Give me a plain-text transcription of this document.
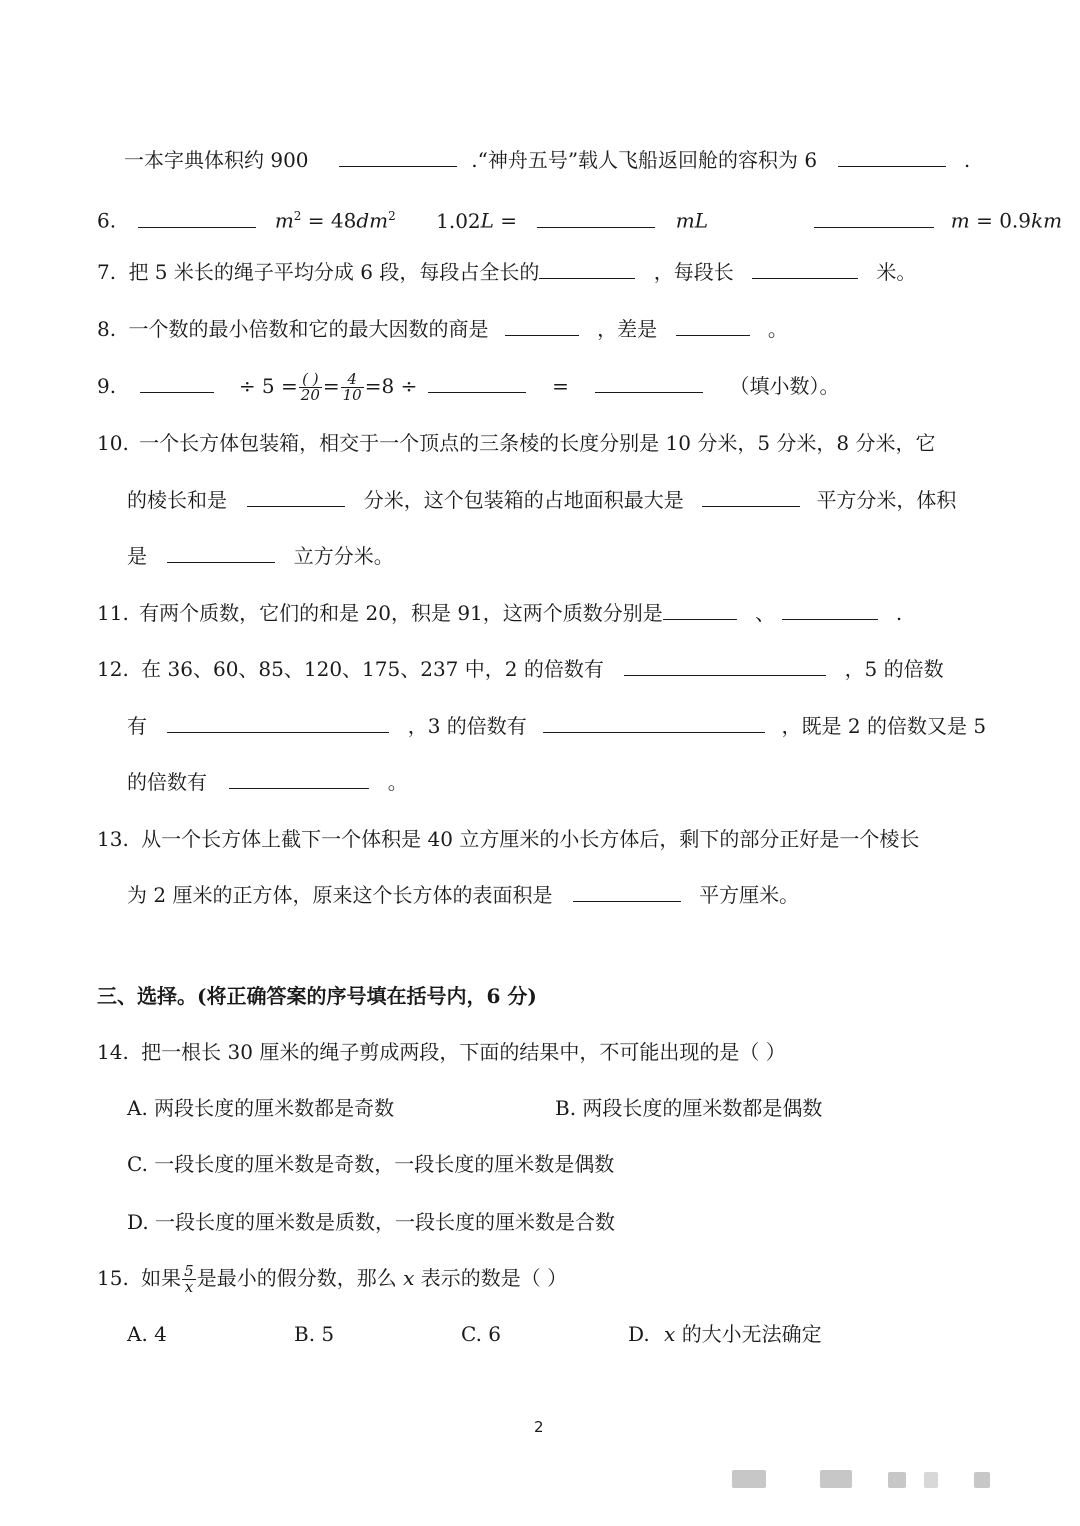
一本字典体积约 900	.“神舟五号”载人飞船返回舱的容积为 6	.
6.	$m^2 = 48dm^2$ 1.02L =	mL	m = 0.9km
7. 把 5 米长的绳子平均分成 6 段，每段占全长的	，每段长	米。
8. 一个数的最小倍数和它的最大因数的商是	，差是	。
9.	÷ $5 = \frac{( )}{20} = \frac{4}{10} =8$ ÷	=	（填小数）。
10. 一个长方体包装箱，相交于一个顶点的三条棱的长度分别是 10 分米，5 分米，8 分米，它
的棱长和是	分米，这个包装箱的占地面积最大是	平方分米，体积
是	立方分米。
11. 有两个质数，它们的和是 20，积是 91，这两个质数分别是	、	.
12. 在 36、60、85、120、175、237 中，2 的倍数有	，5 的倍数
有	，3 的倍数有	，既是 2 的倍数又是 5
的倍数有	。
13. 从一个长方体上截下一个体积是 40 立方厘米的小长方体后，剩下的部分正好是一个棱长
为 2 厘米的正方体，原来这个长方体的表面积是	平方厘米。
三、选择。(将正确答案的序号填在括号内，6 分)
14. 把一根长 30 厘米的绳子剪成两段，下面的结果中，不可能出现的是（ ）
A. 两段长度的厘米数都是奇数	B. 两段长度的厘米数都是偶数
C. 一段长度的厘米数是奇数，一段长度的厘米数是偶数
D. 一段长度的厘米数是质数，一段长度的厘米数是合数
15. 如果 $\frac{5}{x}$ 是最小的假分数，那么 x 表示的数是（ ）
A. 4	B. 5	C. 6	D. x 的大小无法确定
2
